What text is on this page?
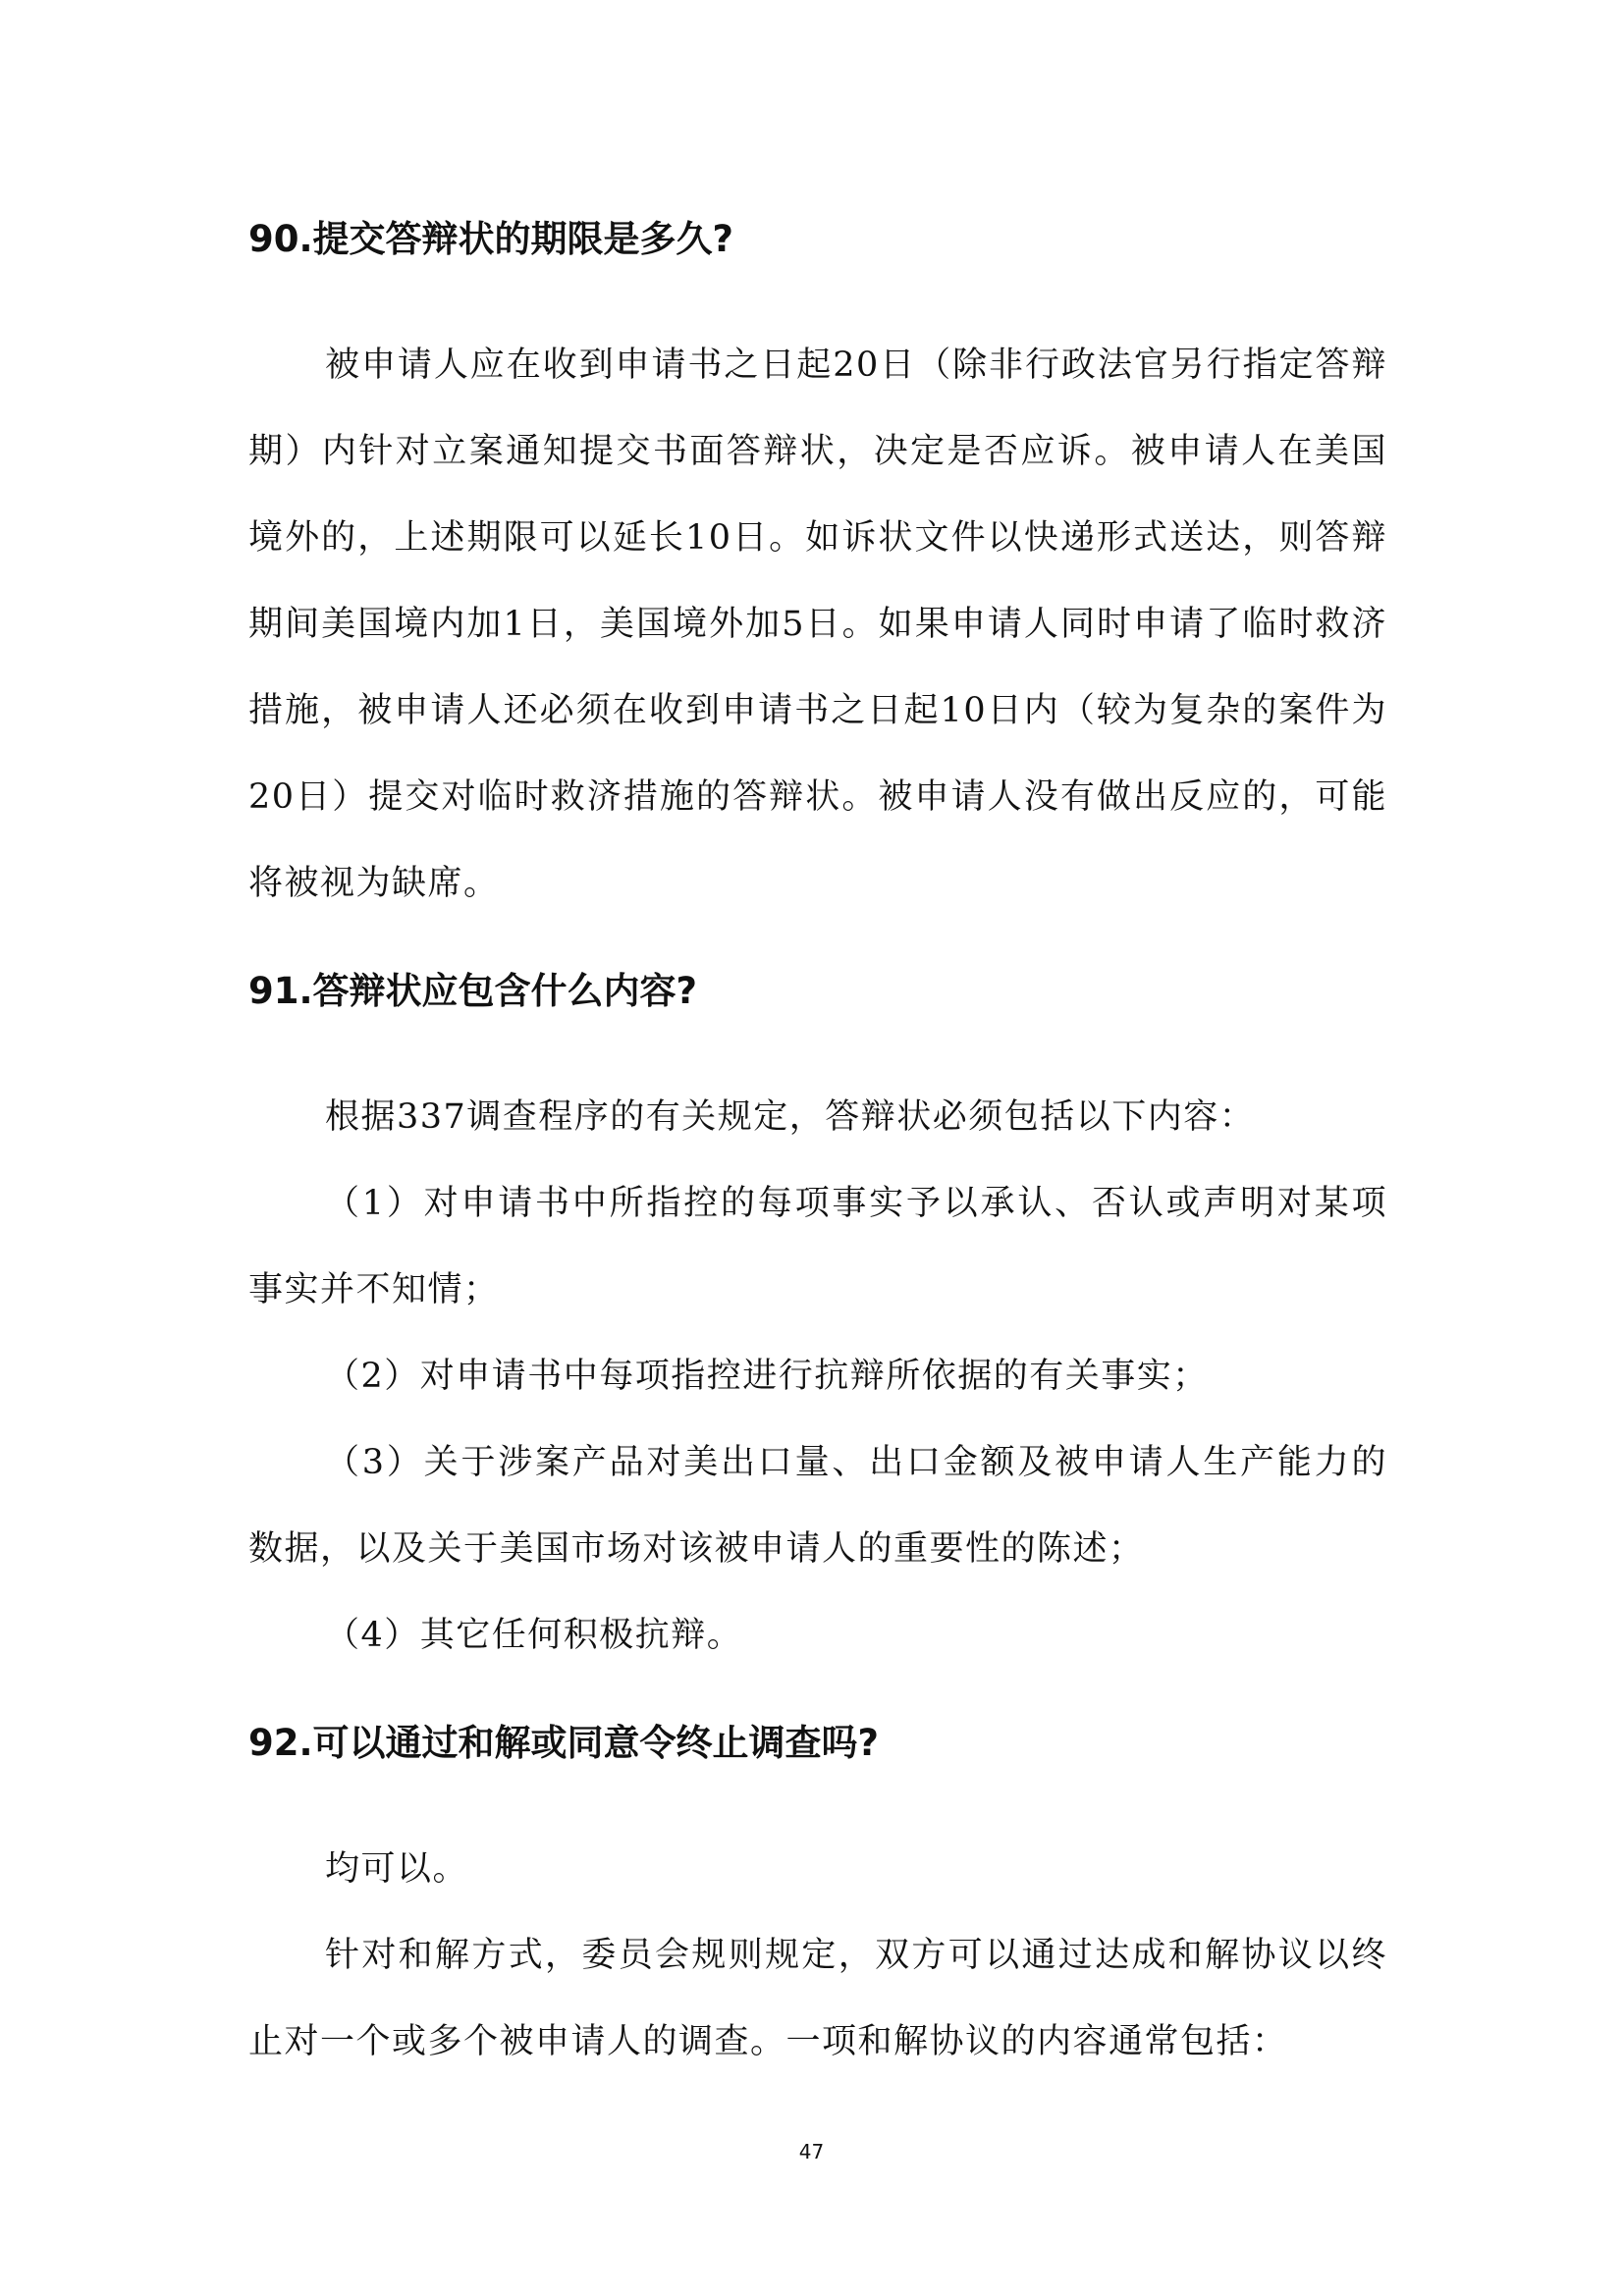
90.提交答辩状的期限是多久?

被申请人应在收到申请书之日起20日（除非行政法官另行指定答辩期）内针对立案通知提交书面答辩状，决定是否应诉。被申请人在美国境外的，上述期限可以延长10日。如诉状文件以快递形式送达，则答辩期间美国境内加1日，美国境外加5日。如果申请人同时申请了临时救济措施，被申请人还必须在收到申请书之日起10日内（较为复杂的案件为20日）提交对临时救济措施的答辩状。被申请人没有做出反应的，可能将被视为缺席。

91.答辩状应包含什么内容?

根据337调查程序的有关规定，答辩状必须包括以下内容：

（1）对申请书中所指控的每项事实予以承认、否认或声明对某项事实并不知情；

（2）对申请书中每项指控进行抗辩所依据的有关事实；

（3）关于涉案产品对美出口量、出口金额及被申请人生产能力的数据，以及关于美国市场对该被申请人的重要性的陈述；

（4）其它任何积极抗辩。

92.可以通过和解或同意令终止调查吗?

均可以。

针对和解方式，委员会规则规定，双方可以通过达成和解协议以终止对一个或多个被申请人的调查。一项和解协议的内容通常包括：

47
